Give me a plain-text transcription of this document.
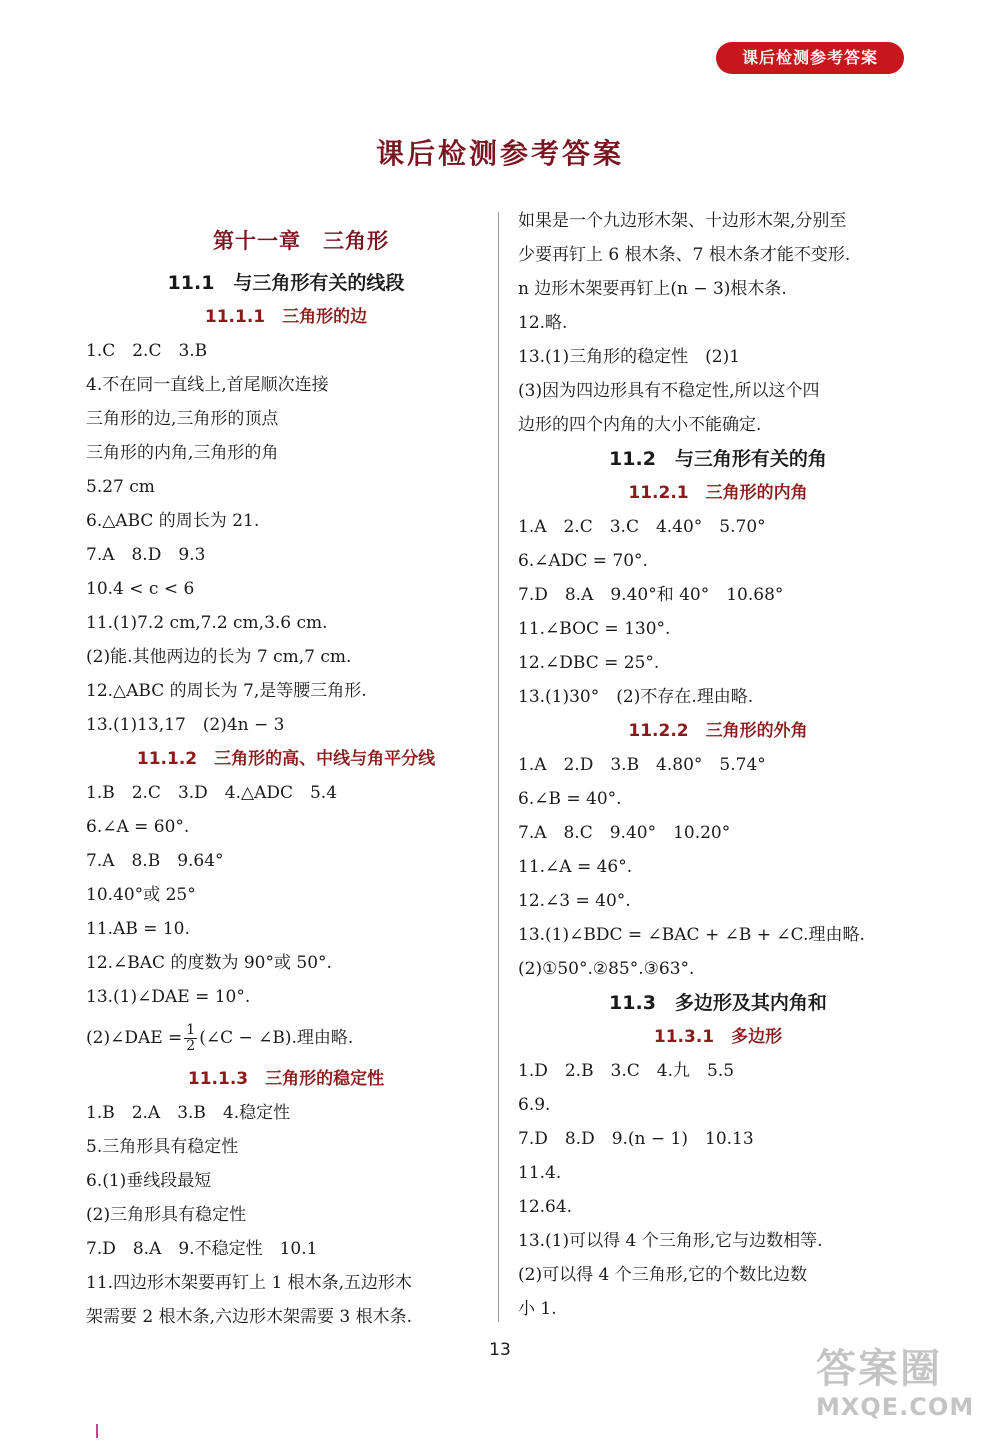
课后检测参考答案
课后检测参考答案
第十一章　三角形
11.1　与三角形有关的线段
11.1.1　三角形的边
1.C　2.C　3.B
4.不在同一直线上,首尾顺次连接
三角形的边,三角形的顶点
三角形的内角,三角形的角
5.27 cm
6.△ABC 的周长为 21.
7.A　8.D　9.3
10.4 < c < 6
11.(1)7.2 cm,7.2 cm,3.6 cm.
(2)能.其他两边的长为 7 cm,7 cm.
12.△ABC 的周长为 7,是等腰三角形.
13.(1)13,17　(2)4n − 3
11.1.2　三角形的高、中线与角平分线
1.B　2.C　3.D　4.△ADC　5.4
6.∠A = 60°.
7.A　8.B　9.64°
10.40°或 25°
11.AB = 10.
12.∠BAC 的度数为 90°或 50°.
13.(1)∠DAE = 10°.
(2)∠DAE = $\frac{1}{2}$ (∠C − ∠B).理由略.
11.1.3　三角形的稳定性
1.B　2.A　3.B　4.稳定性
5.三角形具有稳定性
6.(1)垂线段最短
(2)三角形具有稳定性
7.D　8.A　9.不稳定性　10.1
11.四边形木架要再钉上 1 根木条,五边形木
架需要 2 根木条,六边形木架需要 3 根木条.
如果是一个九边形木架、十边形木架,分别至
少要再钉上 6 根木条、7 根木条才能不变形.
n 边形木架要再钉上(n − 3)根木条.
12.略.
13.(1)三角形的稳定性　(2)1
(3)因为四边形具有不稳定性,所以这个四
边形的四个内角的大小不能确定.
11.2　与三角形有关的角
11.2.1　三角形的内角
1.A　2.C　3.C　4.40°　5.70°
6.∠ADC = 70°.
7.D　8.A　9.40°和 40°　10.68°
11.∠BOC = 130°.
12.∠DBC = 25°.
13.(1)30°　(2)不存在.理由略.
11.2.2　三角形的外角
1.A　2.D　3.B　4.80°　5.74°
6.∠B = 40°.
7.A　8.C　9.40°　10.20°
11.∠A = 46°.
12.∠3 = 40°.
13.(1)∠BDC = ∠BAC + ∠B + ∠C.理由略.
(2)①50°.②85°.③63°.
11.3　多边形及其内角和
11.3.1　多边形
1.D　2.B　3.C　4.九　5.5
6.9.
7.D　8.D　9.(n − 1)　10.13
11.4.
12.64.
13.(1)可以得 4 个三角形,它与边数相等.
(2)可以得 4 个三角形,它的个数比边数
小 1.
13	答案圈
MXQE.COM
